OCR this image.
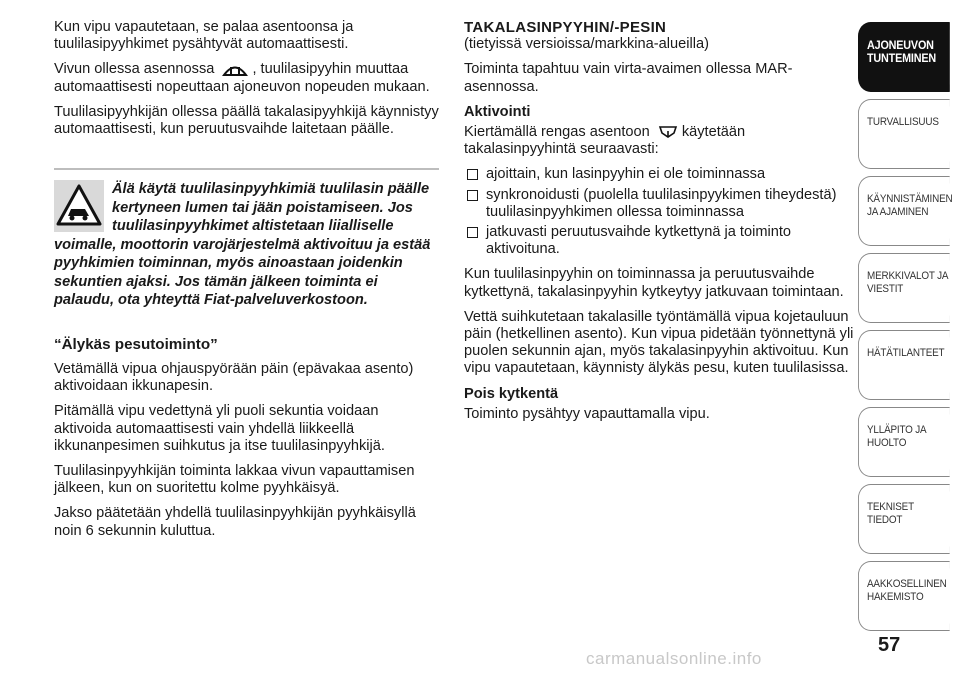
Kun vipu vapautetaan, se palaa asentoonsa ja tuulilasipyyhkimet pysähtyvät automaattisesti.

Vivun ollessa asennossa	, tuulilasipyyhin muuttaa automaattisesti nopeuttaan ajoneuvon nopeuden mukaan.

Tuulilasipyyhkijän ollessa päällä takalasipyyhkijä käynnistyy automaattisesti, kun peruutusvaihde laitetaan päälle.

Älä käytä tuulilasinpyyhkimiä tuulilasin päälle kertyneen lumen tai jään poistamiseen. Jos tuulilasinpyyhkimet altistetaan liialliselle voimalle, moottorin varojärjestelmä aktivoituu ja estää pyyhkimien toiminnan, myös ainoastaan joidenkin sekuntien ajaksi. Jos tämän jälkeen toiminta ei palaudu, ota yhteyttä Fiat-palveluverkostoon.
“Älykäs pesutoiminto”

Vetämällä vipua ohjauspyörään päin (epävakaa asento) aktivoidaan ikkunapesin.

Pitämällä vipu vedettynä yli puoli sekuntia voidaan aktivoida automaattisesti vain yhdellä liikkeellä ikkunanpesimen suihkutus ja itse tuulilasinpyyhkijä.

Tuulilasinpyyhkijän toiminta lakkaa vivun vapauttamisen jälkeen, kun on suoritettu kolme pyyhkäisyä.

Jakso päätetään yhdellä tuulilasinpyyhkijän pyyhkäisyllä noin 6 sekunnin kuluttua.

TAKALASINPYYHIN/-PESIN

(tietyissä versioissa/markkina-alueilla)

Toiminta tapahtuu vain virta-avaimen ollessa MAR-asennossa.

Aktivointi

Kiertämällä rengas asentoon käytetään takalasinpyyhintä seuraavasti:

ajoittain, kun lasinpyyhin ei ole toiminnassa
synkronoidusti (puolella tuulilasinpyykimen tiheydestä) tuulilasinpyyhkimen ollessa toiminnassa
jatkuvasti peruutusvaihde kytkettynä ja toiminto aktivoituna.

Kun tuulilasinpyyhin on toiminnassa ja peruutusvaihde kytkettynä, takalasinpyyhin kytkeytyy jatkuvaan toimintaan.

Vettä suihkutetaan takalasille työntämällä vipua kojetauluun päin (hetkellinen asento). Kun vipua pidetään työnnettynä yli puolen sekunnin ajan, myös takalasinpyyhin aktivoituu. Kun vipu vapautetaan, käynnisty älykäs pesu, kuten tuulilasissa.

Pois kytkentä

Toiminto pysähtyy vapauttamalla vipu.

AJONEUVON TUNTEMINEN
TURVALLISUUS
KÄYNNISTÄMINEN JA AJAMINEN
MERKKIVALOT JA VIESTIT
HÄTÄTILANTEET
YLLÄPITO JA HUOLTO
TEKNISET TIEDOT
AAKKOSELLINEN HAKEMISTO
57
carmanualsonline.info
